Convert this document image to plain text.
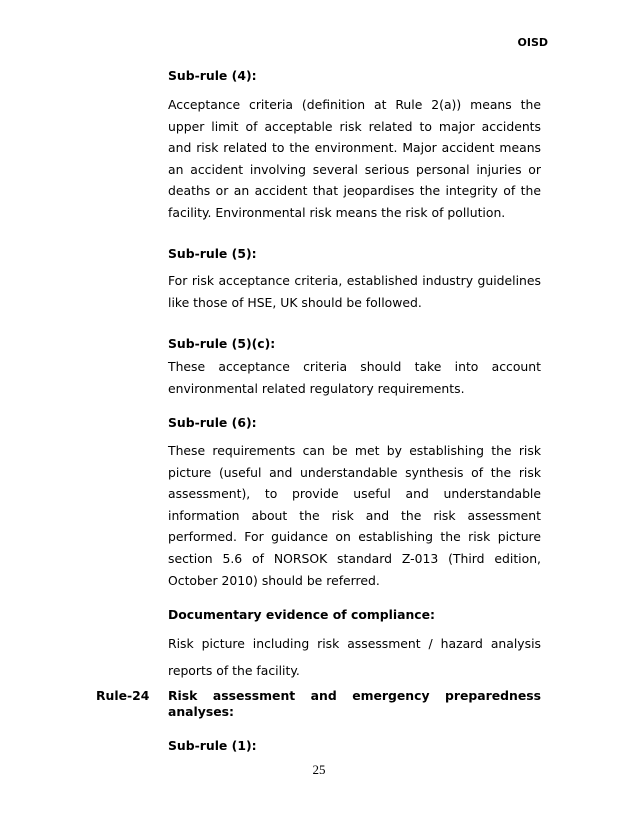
OISD
Sub-rule (4):
Acceptance criteria (definition at Rule 2(a)) means the upper limit of acceptable risk related to major accidents and risk related to the environment. Major accident means an accident involving several serious personal injuries or deaths or an accident that jeopardises the integrity of the facility. Environmental risk means the risk of pollution.
Sub-rule (5):
For risk acceptance criteria, established industry guidelines like those of HSE, UK should be followed.
Sub-rule (5)(c):
These acceptance criteria should take into account environmental related regulatory requirements.
Sub-rule (6):
These requirements can be met by establishing the risk picture (useful and understandable synthesis of the risk assessment), to provide useful and understandable information about the risk and the risk assessment performed. For guidance on establishing the risk picture section 5.6 of NORSOK standard Z-013 (Third edition, October 2010) should be referred.
Documentary evidence of compliance:
Risk picture including risk assessment / hazard analysis reports of the facility.
Rule-24 Risk assessment and emergency preparedness analyses:
Sub-rule (1):
25
